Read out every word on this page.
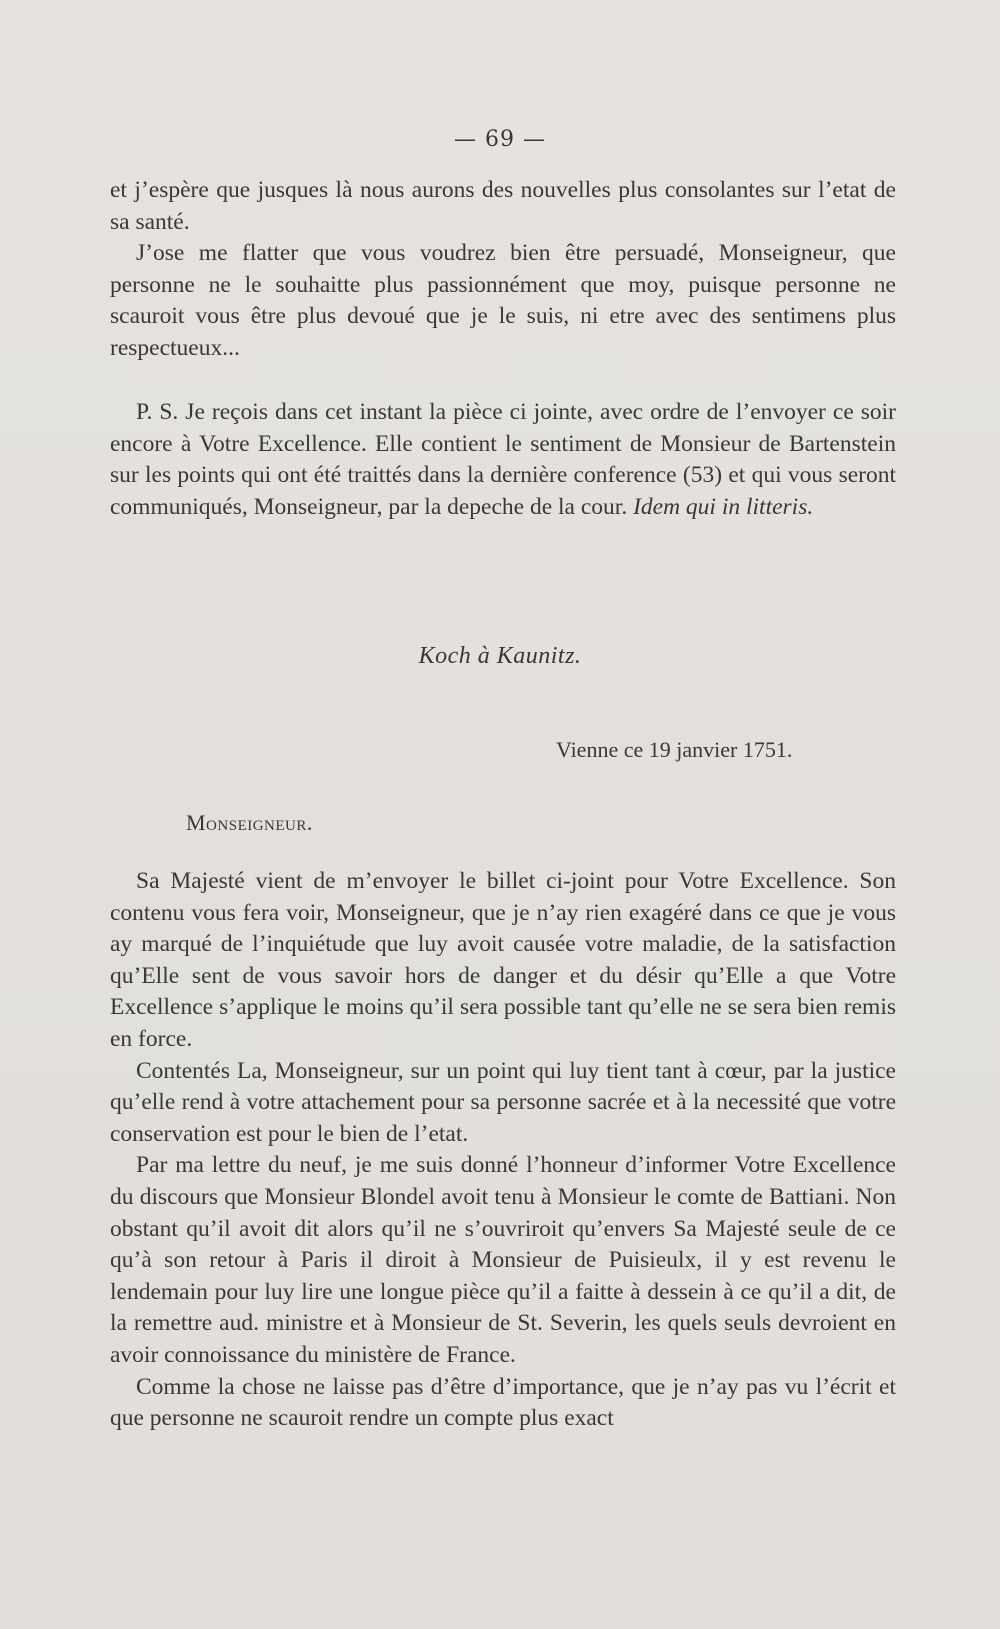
— 69 —

et j’espère que jusques là nous aurons des nouvelles plus consolantes sur l’etat de sa santé.

J’ose me flatter que vous voudrez bien être persuadé, Monseigneur, que personne ne le souhaitte plus passionnément que moy, puisque personne ne scauroit vous être plus devoué que je le suis, ni etre avec des sentimens plus respectueux...

P. S. Je reçois dans cet instant la pièce ci jointe, avec ordre de l’envoyer ce soir encore à Votre Excellence. Elle contient le sentiment de Monsieur de Bartenstein sur les points qui ont été traittés dans la dernière conference (53) et qui vous seront communiqués, Monseigneur, par la depeche de la cour. Idem qui in litteris.

Koch à Kaunitz.
Vienne ce 19 janvier 1751.
Monseigneur.

Sa Majesté vient de m’envoyer le billet ci-joint pour Votre Excellence. Son contenu vous fera voir, Monseigneur, que je n’ay rien exagéré dans ce que je vous ay marqué de l’inquiétude que luy avoit causée votre maladie, de la satisfaction qu’Elle sent de vous savoir hors de danger et du désir qu’Elle a que Votre Excellence s’applique le moins qu’il sera possible tant qu’elle ne se sera bien remis en force.

Contentés La, Monseigneur, sur un point qui luy tient tant à cœur, par la justice qu’elle rend à votre attachement pour sa personne sacrée et à la necessité que votre conservation est pour le bien de l’etat.

Par ma lettre du neuf, je me suis donné l’honneur d’informer Votre Excellence du discours que Monsieur Blondel avoit tenu à Monsieur le comte de Battiani. Non obstant qu’il avoit dit alors qu’il ne s’ouvriroit qu’envers Sa Majesté seule de ce qu’à son retour à Paris il diroit à Monsieur de Puisieulx, il y est revenu le lendemain pour luy lire une longue pièce qu’il a faitte à dessein à ce qu’il a dit, de la remettre aud. ministre et à Monsieur de St. Severin, les quels seuls devroient en avoir connoissance du ministère de France.

Comme la chose ne laisse pas d’être d’importance, que je n’ay pas vu l’écrit et que personne ne scauroit rendre un compte plus exact
